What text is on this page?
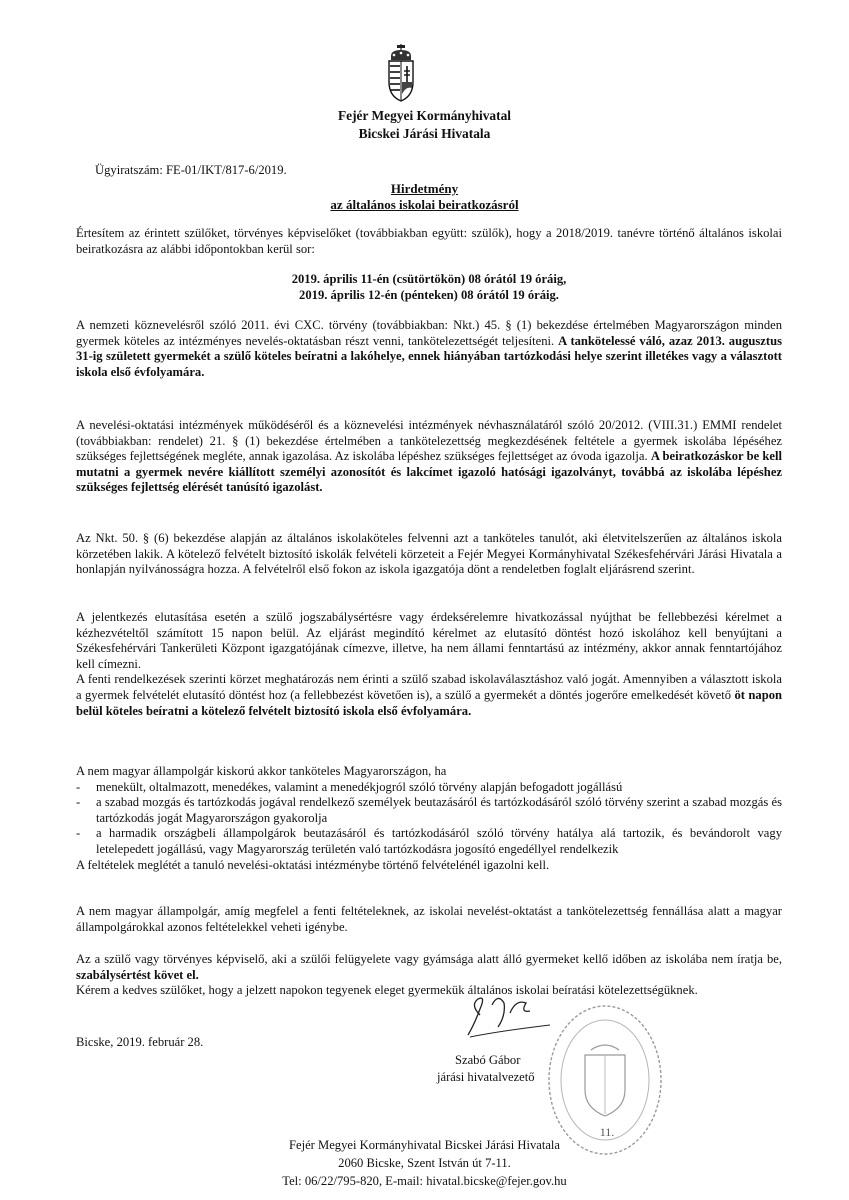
Fejér Megyei Kormányhivatal
Bicskei Járási Hivatala
Ügyiratszám: FE-01/IKT/817-6/2019.
Hirdetmény
az általános iskolai beiratkozásról

Értesítem az érintett szülőket, törvényes képviselőket (továbbiakban együtt: szülők), hogy a 2018/2019. tanévre történő általános iskolai beiratkozásra az alábbi időpontokban kerül sor:

2019. április 11-én (csütörtökön) 08 órától 19 óráig,

2019. április 12-én (pénteken) 08 órától 19 óráig.

A nemzeti köznevelésről szóló 2011. évi CXC. törvény (továbbiakban: Nkt.) 45. § (1) bekezdése értelmében Magyarországon minden gyermek köteles az intézményes nevelés-oktatásban részt venni, tankötelezettségét teljesíteni. A tankötelessé váló, azaz 2013. augusztus 31-ig született gyermekét a szülő köteles beíratni a lakóhelye, ennek hiányában tartózkodási helye szerint illetékes vagy a választott iskola első évfolyamára.

A nevelési-oktatási intézmények működéséről és a köznevelési intézmények névhasználatáról szóló 20/2012. (VIII.31.) EMMI rendelet (továbbiakban: rendelet) 21. § (1) bekezdése értelmében a tankötelezettség megkezdésének feltétele a gyermek iskolába lépéséhez szükséges fejlettségének megléte, annak igazolása. Az iskolába lépéshez szükséges fejlettséget az óvoda igazolja. A beiratkozáskor be kell mutatni a gyermek nevére kiállított személyi azonosítót és lakcímet igazoló hatósági igazolványt, továbbá az iskolába lépéshez szükséges fejlettség elérését tanúsító igazolást.

Az Nkt. 50. § (6) bekezdése alapján az általános iskolaköteles felvenni azt a tanköteles tanulót, aki életvitelszerűen az általános iskola körzetében lakik. A kötelező felvételt biztosító iskolák felvételi körzeteit a Fejér Megyei Kormányhivatal Székesfehérvári Járási Hivatala a honlapján nyilvánosságra hozza. A felvételről első fokon az iskola igazgatója dönt a rendeletben foglalt eljárásrend szerint.

A jelentkezés elutasítása esetén a szülő jogszabálysértésre vagy érdeksérelemre hivatkozással nyújthat be fellebbezési kérelmet a kézhezvételtől számított 15 napon belül. Az eljárást megindító kérelmet az elutasító döntést hozó iskolához kell benyújtani a Székesfehérvári Tankerületi Központ igazgatójának címezve, illetve, ha nem állami fenntartású az intézmény, akkor annak fenntartójához kell címezni.

A fenti rendelkezések szerinti körzet meghatározás nem érinti a szülő szabad iskolaválasztáshoz való jogát. Amennyiben a választott iskola a gyermek felvételét elutasító döntést hoz (a fellebbezést követően is), a szülő a gyermekét a döntés jogerőre emelkedését követő öt napon belül köteles beíratni a kötelező felvételt biztosító iskola első évfolyamára.

A nem magyar állampolgár kiskorú akkor tanköteles Magyarországon, ha

- menekült, oltalmazott, menedékes, valamint a menedékjogról szóló törvény alapján befogadott jogállású
- a szabad mozgás és tartózkodás jogával rendelkező személyek beutazásáról és tartózkodásáról szóló törvény szerint a szabad mozgás és tartózkodás jogát Magyarországon gyakorolja
- a harmadik országbeli állampolgárok beutazásáról és tartózkodásáról szóló törvény hatálya alá tartozik, és bevándorolt vagy letelepedett jogállású, vagy Magyarország területén való tartózkodásra jogosító engedéllyel rendelkezik

A feltételek meglétét a tanuló nevelési-oktatási intézménybe történő felvételénél igazolni kell.

A nem magyar állampolgár, amíg megfelel a fenti feltételeknek, az iskolai nevelést-oktatást a tankötelezettség fennállása alatt a magyar állampolgárokkal azonos feltételekkel veheti igénybe.

Az a szülő vagy törvényes képviselő, aki a szülői felügyelete vagy gyámsága alatt álló gyermeket kellő időben az iskolába nem íratja be, szabálysértést követ el.

Kérem a kedves szülőket, hogy a jelzett napokon tegyenek eleget gyermekük általános iskolai beíratási kötelezettségüknek.

Bicske, 2019. február 28.
Szabó Gábor
járási hivatalvezető
11.
Fejér Megyei Kormányhivatal Bicskei Járási Hivatala
2060 Bicske, Szent István út 7-11.
Tel: 06/22/795-820, E-mail: hivatal.bicske@fejer.gov.hu
